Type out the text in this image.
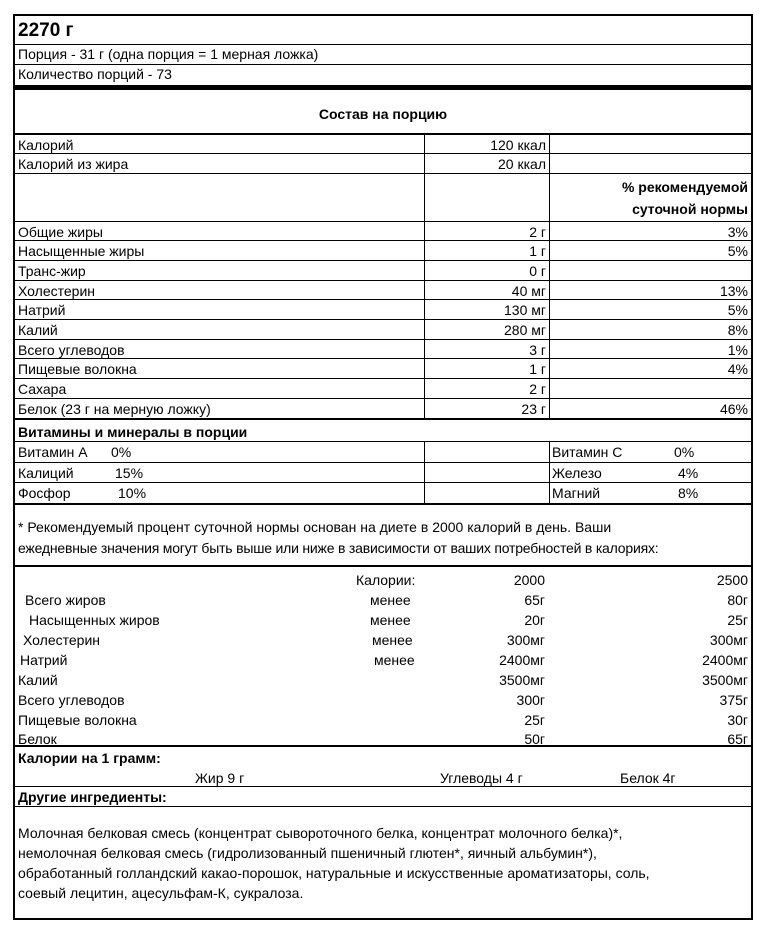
2270 г
Порция - 31 г (одна порция = 1 мерная ложка)
Количество порций - 73
Состав на порцию
Калорий	120 ккал
Калорий из жира	20 ккал
% рекомендуемой
суточной нормы
Общие жиры	2 г	3%
Насыщенные жиры	1 г	5%
Транс-жир	0 г
Холестерин	40 мг	13%
Натрий	130 мг	5%
Калий	280 мг	8%
Всего углеводов	3 г	1%
Пищевые волокна	1 г	4%
Сахара	2 г
Белок (23 г на мерную ложку)	23 г	46%
Витамины и минералы в порции
Витамин А 0%	Витамин С	0%
Калиций	15%	Железо	4%
Фосфор	10%	Магний	8%
* Рекомендуемый процент суточной нормы основан на диете в 2000 калорий в день. Ваши
ежедневные значения могут быть выше или ниже в зависимости от ваших потребностей в калориях:
Калории:	2000	2500
Всего жиров	менее	65г	80г
Насыщенных жиров	менее	20г	25г
Холестерин	менее	300мг	300мг
Натрий	менее	2400мг	2400мг
Калий	3500мг	3500мг
Всего углеводов	300г	375г
Пищевые волокна	25г	30г
Белок	50г	65г
Калории на 1 грамм:
Жир 9 г	Углеводы 4 г	Белок 4г
Другие ингредиенты:
Молочная белковая смесь (концентрат сывороточного белка, концентрат молочного белка)*,
немолочная белковая смесь (гидролизованный пшеничный глютен*, яичный альбумин*),
обработанный голландский какао-порошок, натуральные и искусственные ароматизаторы, соль,
соевый лецитин, ацесульфам-К, сукралоза.
